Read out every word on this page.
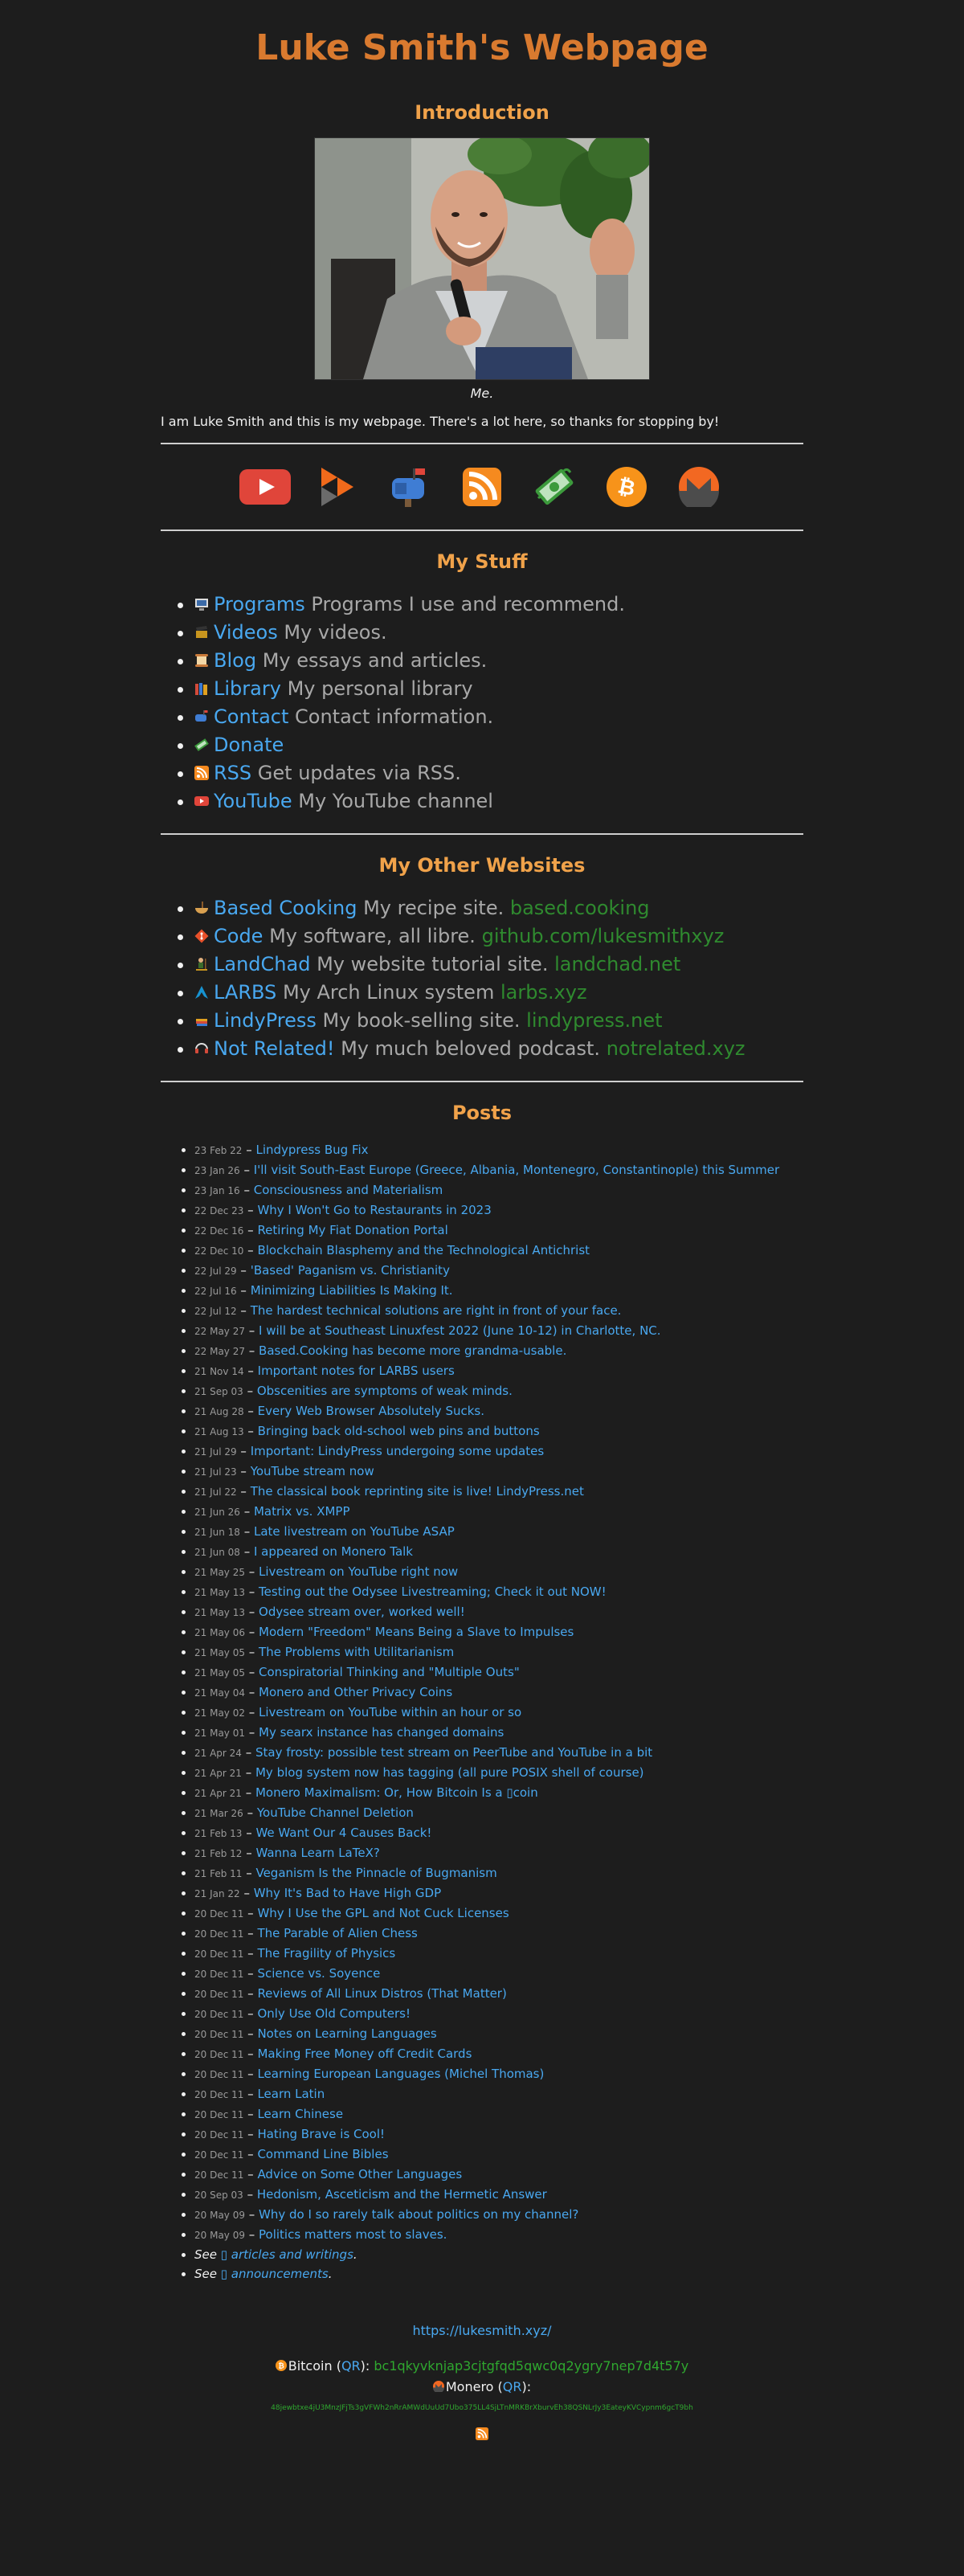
Luke Smith's Webpage
Introduction
Me.

I am Luke Smith and this is my webpage. There's a lot here, so thanks for stopping by!

₿
My Stuff
• Programs Programs I use and recommend.
• Videos My videos.
• Blog My essays and articles.
• Library My personal library
• Contact Contact information.
• Donate
• RSS Get updates via RSS.
• YouTube My YouTube channel
My Other Websites
• Based Cooking My recipe site. based.cooking
• Code My software, all libre. github.com/lukesmithxyz
• LandChad My website tutorial site. landchad.net
• LARBS My Arch Linux system larbs.xyz
• LindyPress My book-selling site. lindypress.net
• Not Related! My much beloved podcast. notrelated.xyz
Posts
• 23 Feb 22 – Lindypress Bug Fix
• 23 Jan 26 – I'll visit South-East Europe (Greece, Albania, Montenegro, Constantinople) this Summer
• 23 Jan 16 – Consciousness and Materialism
• 22 Dec 23 – Why I Won't Go to Restaurants in 2023
• 22 Dec 16 – Retiring My Fiat Donation Portal
• 22 Dec 10 – Blockchain Blasphemy and the Technological Antichrist
• 22 Jul 29 – 'Based' Paganism vs. Christianity
• 22 Jul 16 – Minimizing Liabilities Is Making It.
• 22 Jul 12 – The hardest technical solutions are right in front of your face.
• 22 May 27 – I will be at Southeast Linuxfest 2022 (June 10-12) in Charlotte, NC.
• 22 May 27 – Based.Cooking has become more grandma-usable.
• 21 Nov 14 – Important notes for LARBS users
• 21 Sep 03 – Obscenities are symptoms of weak minds.
• 21 Aug 28 – Every Web Browser Absolutely Sucks.
• 21 Aug 13 – Bringing back old-school web pins and buttons
• 21 Jul 29 – Important: LindyPress undergoing some updates
• 21 Jul 23 – YouTube stream now
• 21 Jul 22 – The classical book reprinting site is live! LindyPress.net
• 21 Jun 26 – Matrix vs. XMPP
• 21 Jun 18 – Late livestream on YouTube ASAP
• 21 Jun 08 – I appeared on Monero Talk
• 21 May 25 – Livestream on YouTube right now
• 21 May 13 – Testing out the Odysee Livestreaming; Check it out NOW!
• 21 May 13 – Odysee stream over, worked well!
• 21 May 06 – Modern "Freedom" Means Being a Slave to Impulses
• 21 May 05 – The Problems with Utilitarianism
• 21 May 05 – Conspiratorial Thinking and "Multiple Outs"
• 21 May 04 – Monero and Other Privacy Coins
• 21 May 02 – Livestream on YouTube within an hour or so
• 21 May 01 – My searx instance has changed domains
• 21 Apr 24 – Stay frosty: possible test stream on PeerTube and YouTube in a bit
• 21 Apr 21 – My blog system now has tagging (all pure POSIX shell of course)
• 21 Apr 21 – Monero Maximalism: Or, How Bitcoin Is a ▯coin
• 21 Mar 26 – YouTube Channel Deletion
• 21 Feb 13 – We Want Our 4 Causes Back!
• 21 Feb 12 – Wanna Learn LaTeX?
• 21 Feb 11 – Veganism Is the Pinnacle of Bugmanism
• 21 Jan 22 – Why It's Bad to Have High GDP
• 20 Dec 11 – Why I Use the GPL and Not Cuck Licenses
• 20 Dec 11 – The Parable of Alien Chess
• 20 Dec 11 – The Fragility of Physics
• 20 Dec 11 – Science vs. Soyence
• 20 Dec 11 – Reviews of All Linux Distros (That Matter)
• 20 Dec 11 – Only Use Old Computers!
• 20 Dec 11 – Notes on Learning Languages
• 20 Dec 11 – Making Free Money off Credit Cards
• 20 Dec 11 – Learning European Languages (Michel Thomas)
• 20 Dec 11 – Learn Latin
• 20 Dec 11 – Learn Chinese
• 20 Dec 11 – Hating Brave is Cool!
• 20 Dec 11 – Command Line Bibles
• 20 Dec 11 – Advice on Some Other Languages
• 20 Sep 03 – Hedonism, Asceticism and the Hermetic Answer
• 20 May 09 – Why do I so rarely talk about politics on my channel?
• 20 May 09 – Politics matters most to slaves.
• See ▯ articles and writings.
• See ▯ announcements.
https://lukesmith.xyz/
₿ Bitcoin (QR): bc1qkyvknjap3cjtgfqd5qwc0q2ygry7nep7d4t57y
Monero (QR):
48jewbtxe4jU3MnzJFjTs3gVFWh2nRrAMWdUuUd7Ubo375LL4SjLTnMRKBrXburvEh38QSNLrJy3EateyKVCypnm6gcT9bh
